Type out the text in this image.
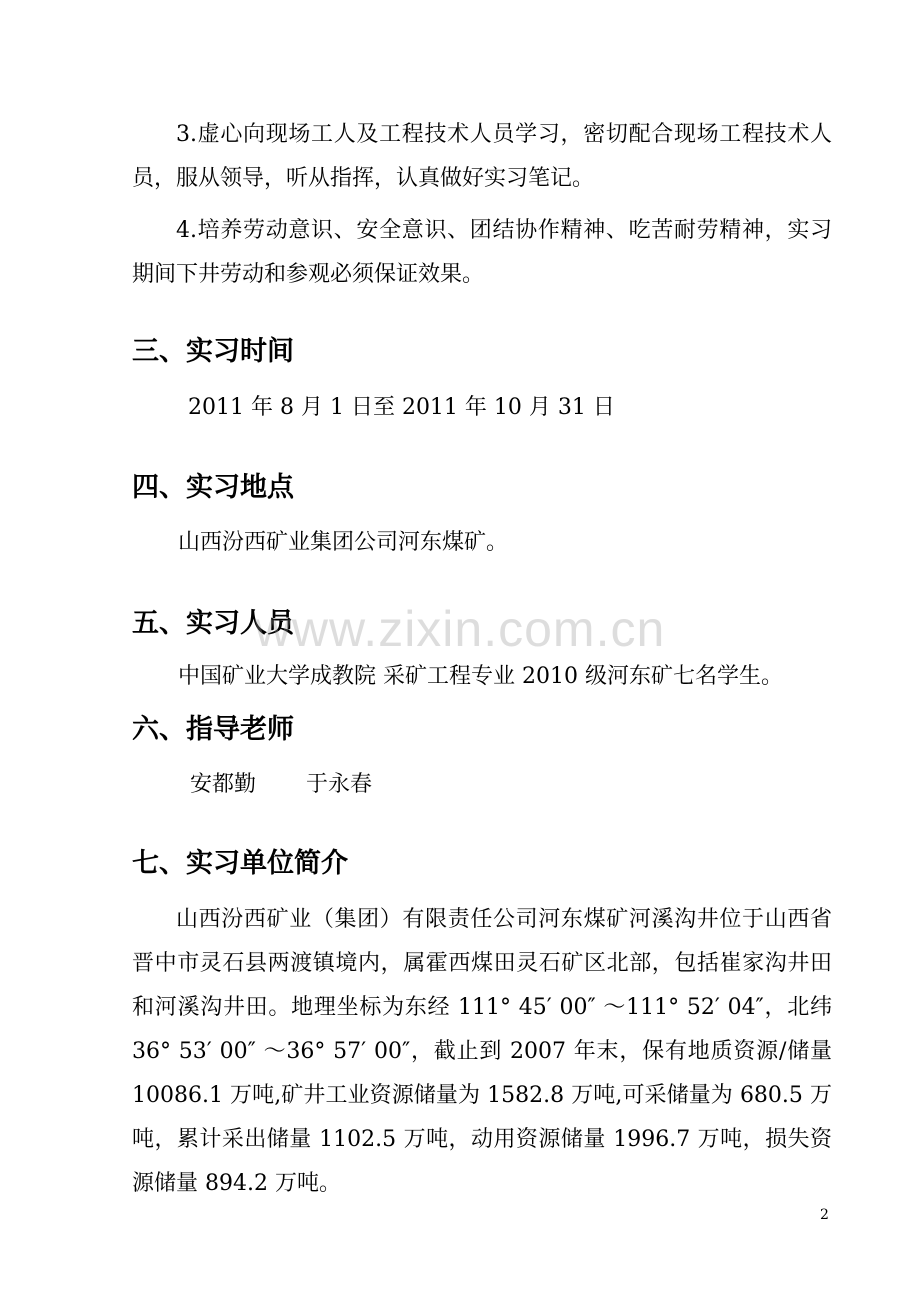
3.虚心向现场工人及工程技术人员学习，密切配合现场工程技术人员，服从领导，听从指挥，认真做好实习笔记。

4.培养劳动意识、安全意识、团结协作精神、吃苦耐劳精神，实习期间下井劳动和参观必须保证效果。

三、实习时间

2011 年 8 月 1 日至 2011 年 10 月 31 日

四、实习地点

山西汾西矿业集团公司河东煤矿。

五、实习人员

中国矿业大学成教院 采矿工程专业 2010 级河东矿七名学生。

六、指导老师
安都勤 于永春
七、实习单位简介

山西汾西矿业（集团）有限责任公司河东煤矿河溪沟井位于山西省晋中市灵石县两渡镇境内，属霍西煤田灵石矿区北部，包括崔家沟井田和河溪沟井田。地理坐标为东经 111° 45′ 00″ ～111° 52′ 04″，北纬 36° 53′ 00″ ～36° 57′ 00″，截止到 2007 年末，保有地质资源/储量 10086.1 万吨,矿井工业资源储量为 1582.8 万吨,可采储量为 680.5 万吨，累计采出储量 1102.5 万吨，动用资源储量 1996.7 万吨，损失资源储量 894.2 万吨。

www.zixin.com.cn

2
